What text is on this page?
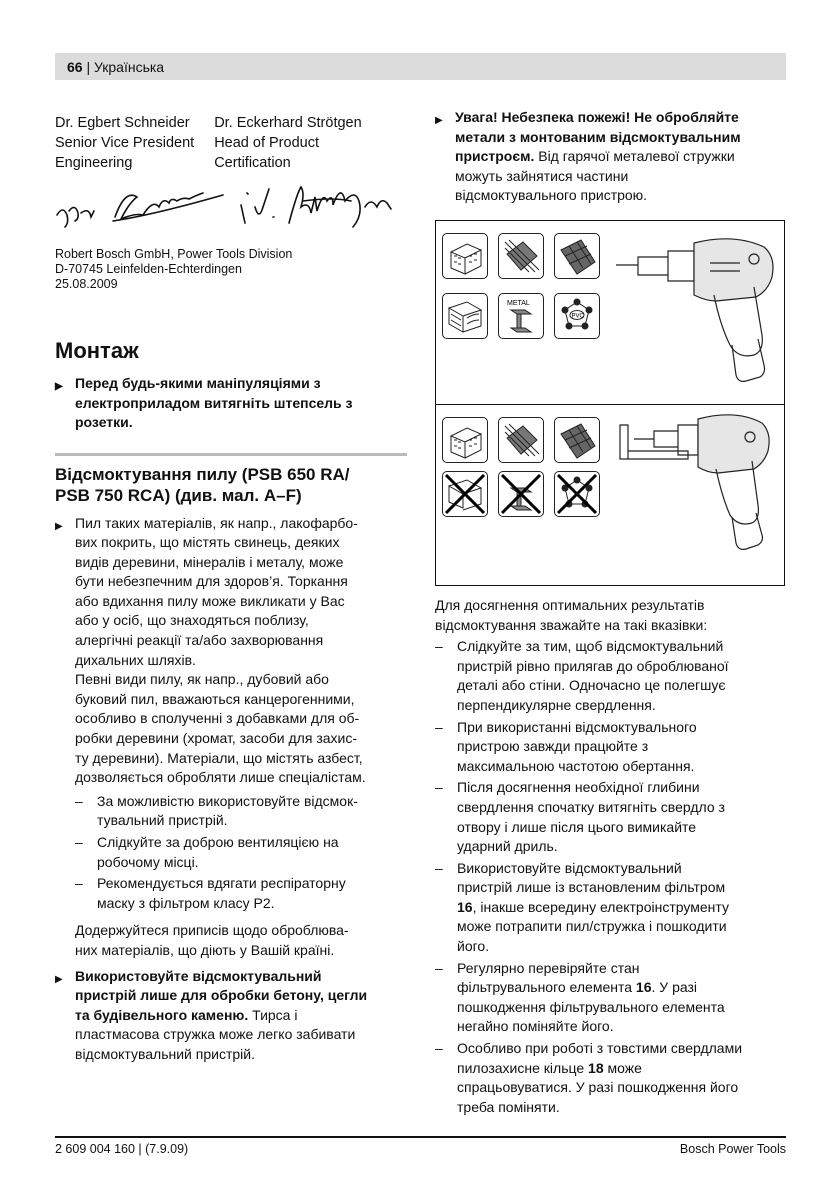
66 | Українська
Dr. Egbert Schneider
Senior Vice President
Engineering
Dr. Eckerhard Strötgen
Head of Product
Certification
Robert Bosch GmbH, Power Tools Division
D-70745 Leinfelden-Echterdingen
25.08.2009
Монтаж
▶ Перед будь-якими маніпуляціями з
електроприладом витягніть штепсель з
розетки.
Відсмоктування пилу (PSB 650 RA/
PSB 750 RCA) (див. мал. A–F)
▶ Пил таких матеріалів, як напр., лакофарбо-
вих покрить, що містять свинець, деяких
видів деревини, мінералів і металу, може
бути небезпечним для здоров’я. Торкання
або вдихання пилу може викликати у Вас
або у осіб, що знаходяться поблизу,
алергічні реакції та/або захворювання
дихальних шляхів.
Певні види пилу, як напр., дубовий або
буковий пил, вважаються канцерогенними,
особливо в сполученні з добавками для об-
робки деревини (хромат, засоби для захис-
ту деревини). Матеріали, що містять азбест,
дозволяється обробляти лише спеціалістам.
–	За можливістю використовуйте відсмок-
тувальний пристрій.
–	Слідкуйте за доброю вентиляцією на
робочому місці.
–	Рекомендується вдягати респіраторну
маску з фільтром класу P2.
Додержуйтеся приписів щодо оброблюва-
них матеріалів, що діють у Вашій країні.
▶ Використовуйте відсмоктувальний
пристрій лише для обробки бетону, цегли
та будівельного каменю. Тирса і
пластмасова стружка може легко забивати
відсмоктувальний пристрій.
▶ Увага! Небезпека пожежі! Не обробляйте
метали з монтованим відсмоктувальним
пристроєм. Від гарячої металевої стружки
можуть зайнятися частини
відсмоктувального пристрою.
METAL
PVC
Для досягнення оптимальних результатів
відсмоктування зважайте на такі вказівки:
–	Слідкуйте за тим, щоб відсмоктувальний
пристрій рівно прилягав до оброблюваної
деталі або стіни. Одночасно це полегшує
перпендикулярне свердлення.
–	При використанні відсмоктувального
пристрою завжди працюйте з
максимальною частотою обертання.
–	Після досягнення необхідної глибини
свердлення спочатку витягніть свердло з
отвору і лише після цього вимикайте
ударний дриль.
–	Використовуйте відсмоктувальний
пристрій лише із встановленим фільтром
16, інакше всередину електроінструменту
може потрапити пил/стружка і пошкодити
його.
–	Регулярно перевіряйте стан
фільтрувального елемента 16. У разі
пошкодження фільтрувального елемента
негайно поміняйте його.
–	Особливо при роботі з товстими свердлами
пилозахисне кільце 18 може
спрацьовуватися. У разі пошкодження його
треба поміняти.
2 609 004 160 | (7.9.09)	Bosch Power Tools
